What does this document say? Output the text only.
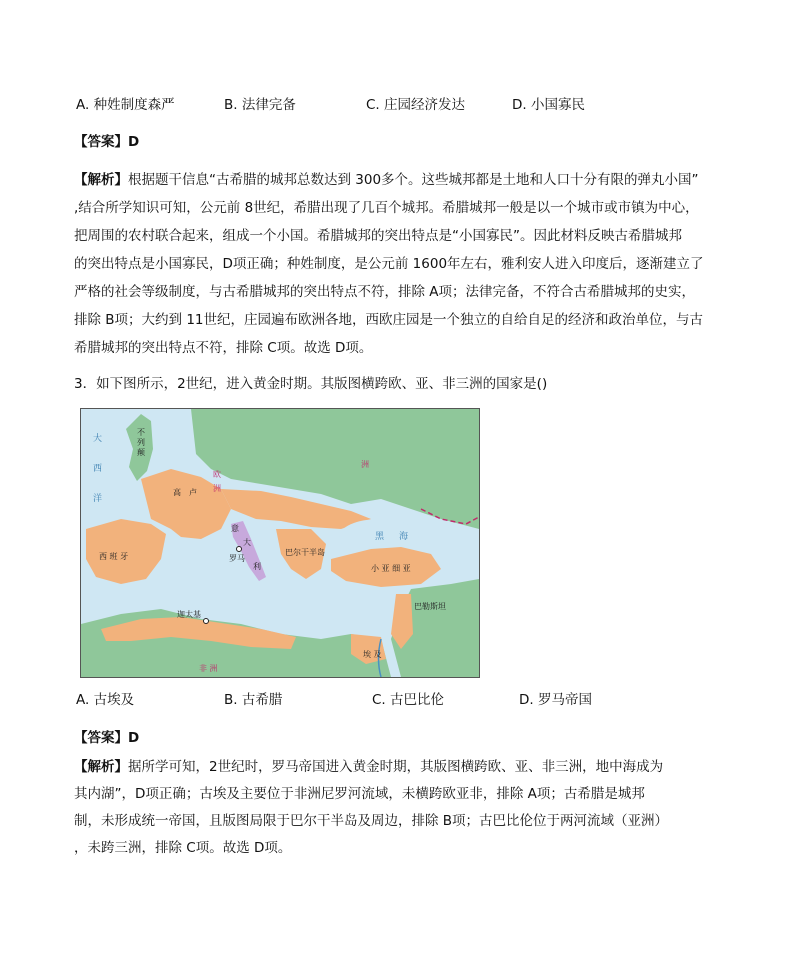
A. 种姓制度森严	B. 法律完备	C. 庄园经济发达	D. 小国寡民
【答案】D
【解析】根据题干信息“古希腊的城邦总数达到 300多个。这些城邦都是土地和人口十分有限的弹丸小国”
,结合所学知识可知，公元前 8世纪，希腊出现了几百个城邦。希腊城邦一般是以一个城市或市镇为中心，
把周围的农村联合起来，组成一个小国。希腊城邦的突出特点是“小国寡民”。因此材料反映古希腊城邦
的突出特点是小国寡民，D项正确；种姓制度，是公元前 1600年左右，雅利安人进入印度后，逐渐建立了
严格的社会等级制度，与古希腊城邦的突出特点不符，排除 A项；法律完备，不符合古希腊城邦的史实，
排除 B项；大约到 11世纪，庄园遍布欧洲各地，西欧庄园是一个独立的自给自足的经济和政治单位，与古
希腊城邦的突出特点不符，排除 C项。故选 D项。
3．如下图所示，2世纪，进入黄金时期。其版图横跨欧、亚、非三洲的国家是()
大
西
洋
不
列
颠
高 卢
欧
洲
西 班 牙
意
大
利
罗马
巴尔干半岛
小 亚 细 亚
迦太基
巴勒斯坦
埃 及
非 洲
黑 海
洲
A. 古埃及	B. 古希腊	C. 古巴比伦	D. 罗马帝国
【答案】D
【解析】据所学可知，2世纪时，罗马帝国进入黄金时期，其版图横跨欧、亚、非三洲，地中海成为
其内湖”，D项正确；古埃及主要位于非洲尼罗河流域，未横跨欧亚非，排除 A项；古希腊是城邦
制，未形成统一帝国，且版图局限于巴尔干半岛及周边，排除 B项；古巴比伦位于两河流域（亚洲）
，未跨三洲，排除 C项。故选 D项。
